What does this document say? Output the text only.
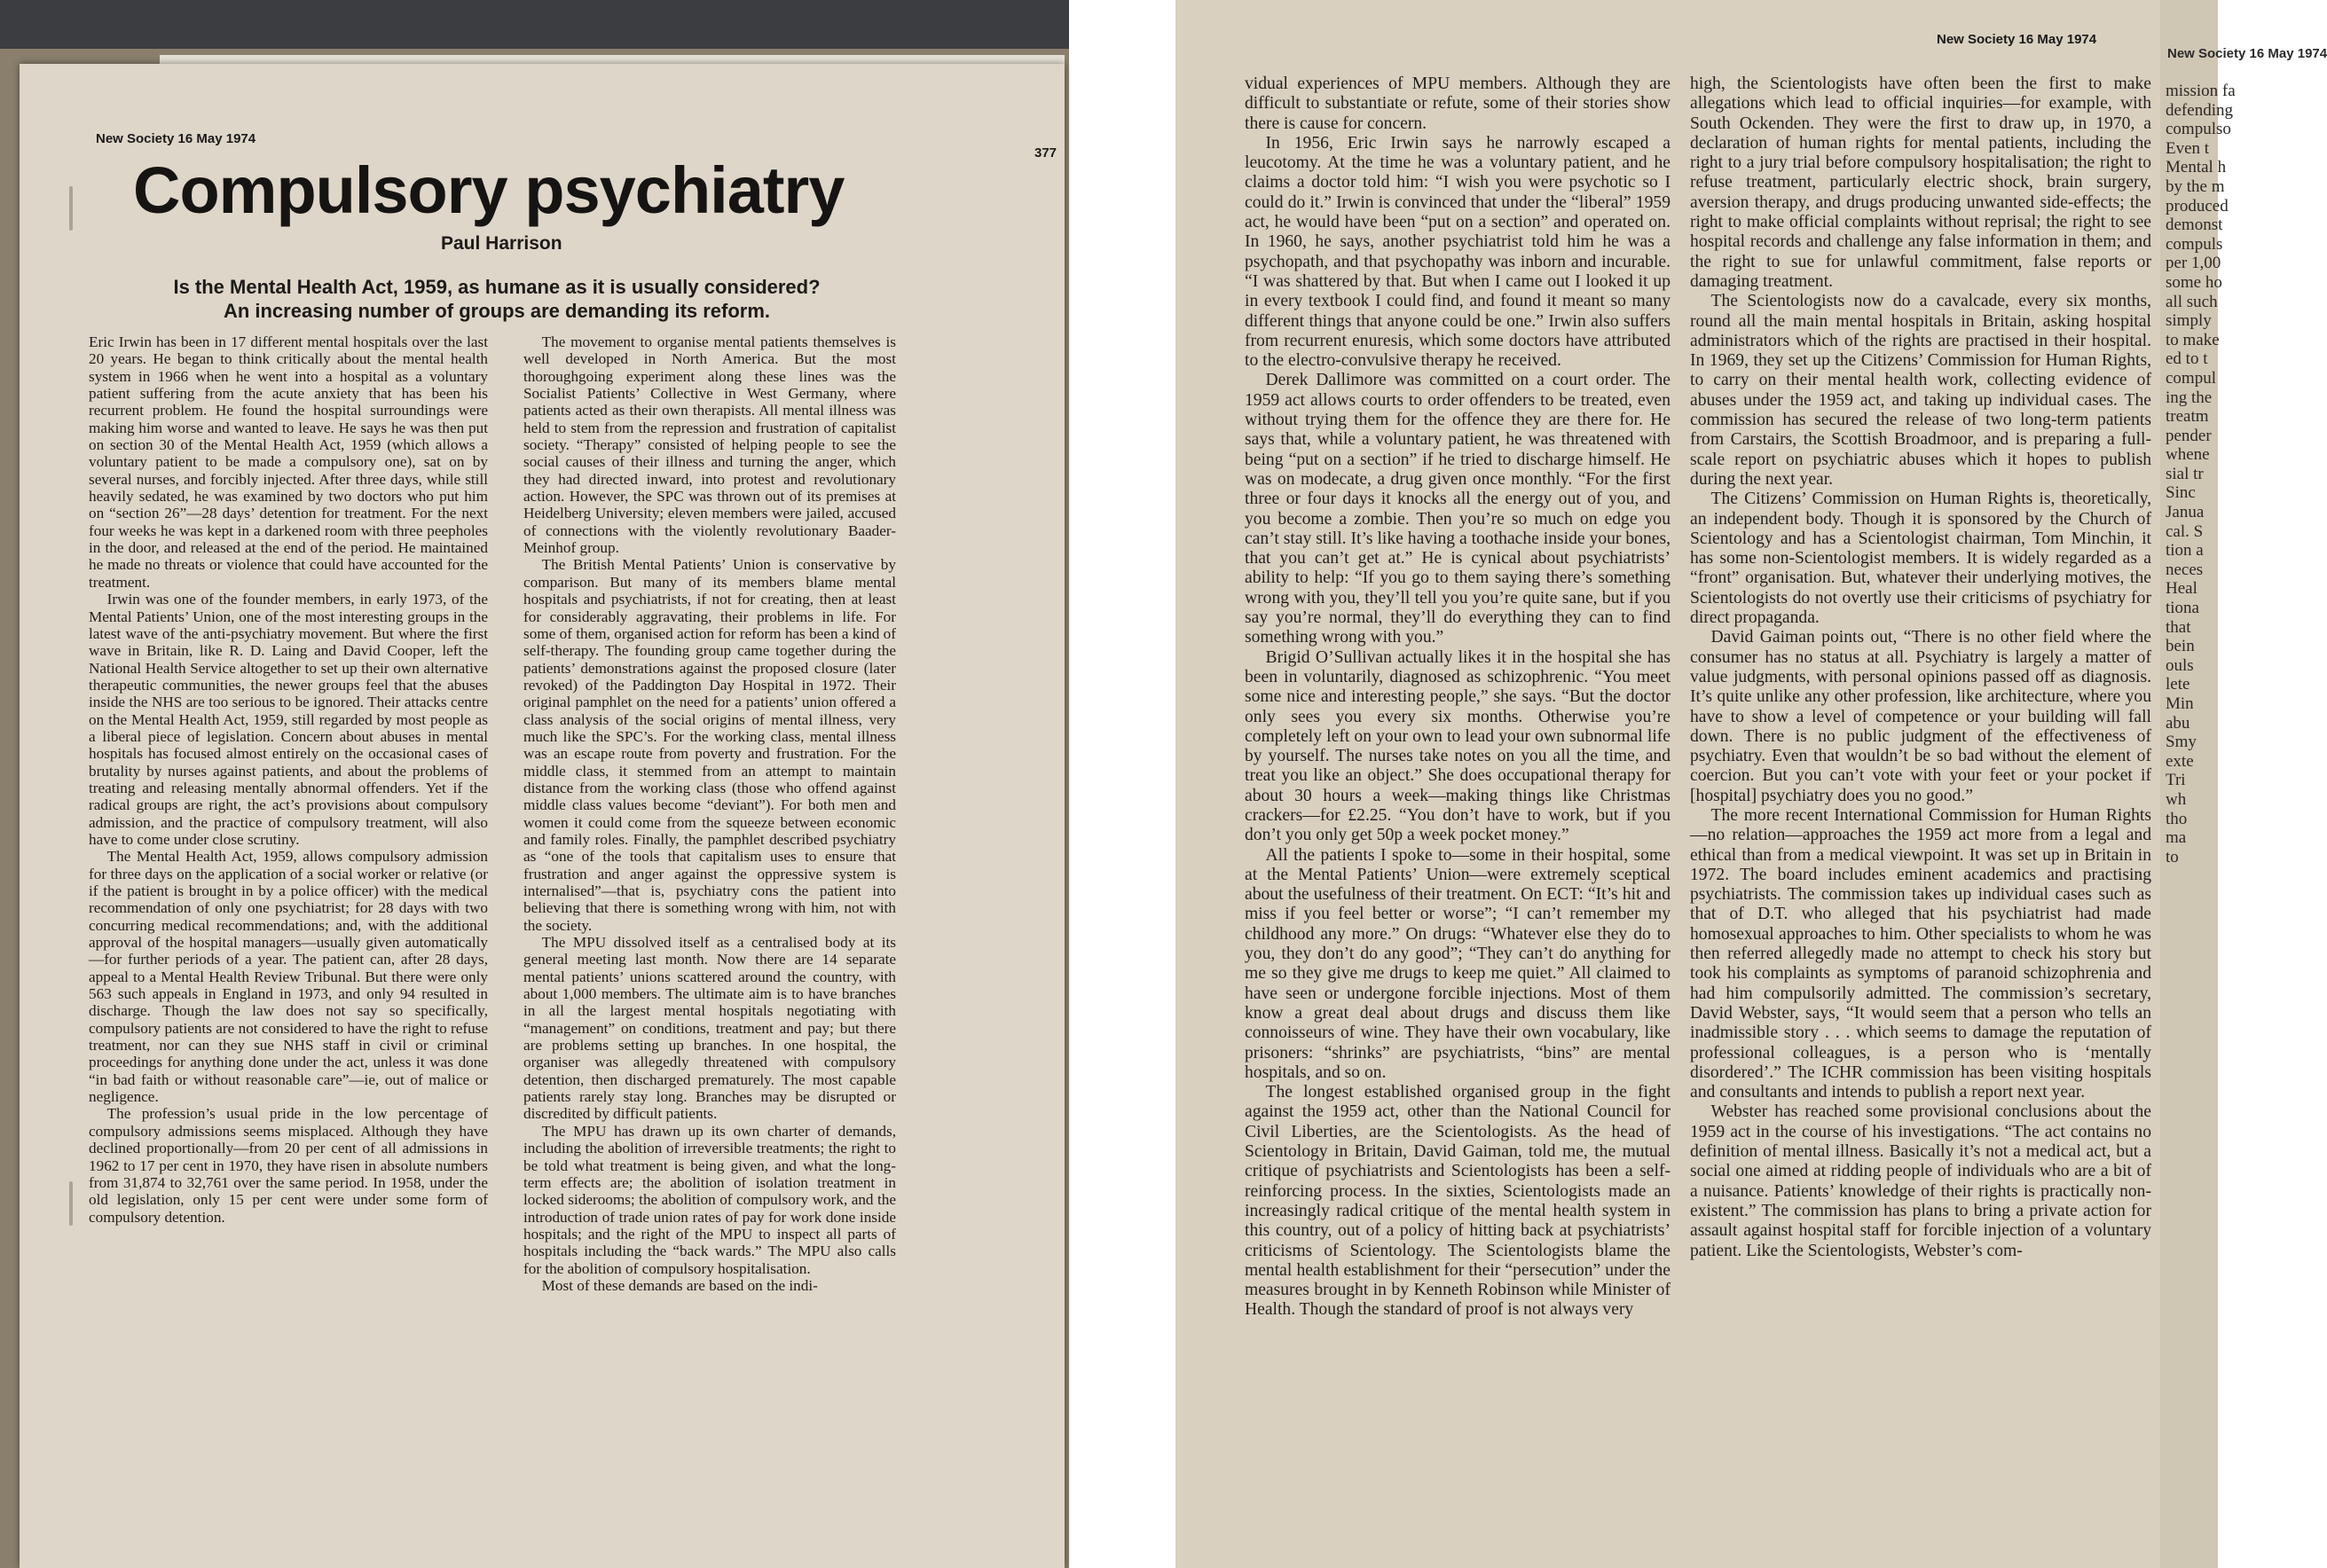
New Society 16 May 1974
377
Compulsory psychiatry
Paul Harrison
Is the Mental Health Act, 1959, as humane as it is usually considered?
An increasing number of groups are demanding its reform.

Eric Irwin has been in 17 different mental hospitals over the last 20 years. He began to think critically about the mental health system in 1966 when he went into a hospital as a voluntary patient suffering from the acute anxiety that has been his recurrent problem. He found the hospital surroundings were making him worse and wanted to leave. He says he was then put on section 30 of the Mental Health Act, 1959 (which allows a voluntary patient to be made a compulsory one), sat on by several nurses, and forcibly injected. After three days, while still heavily sedated, he was examined by two doctors who put him on “section 26”—28 days’ detention for treatment. For the next four weeks he was kept in a darkened room with three peepholes in the door, and released at the end of the period. He maintained he made no threats or violence that could have accounted for the treatment.

Irwin was one of the founder members, in early 1973, of the Mental Patients’ Union, one of the most interesting groups in the latest wave of the anti-psychiatry movement. But where the first wave in Britain, like R. D. Laing and David Cooper, left the National Health Service altogether to set up their own alternative therapeutic communities, the newer groups feel that the abuses inside the NHS are too serious to be ignored. Their attacks centre on the Mental Health Act, 1959, still regarded by most people as a liberal piece of legislation. Concern about abuses in mental hospitals has focused almost entirely on the occasional cases of brutality by nurses against patients, and about the problems of treating and releasing mentally abnormal offenders. Yet if the radical groups are right, the act’s provisions about compulsory admission, and the practice of compulsory treatment, will also have to come under close scrutiny.

The Mental Health Act, 1959, allows compulsory admission for three days on the application of a social worker or relative (or if the patient is brought in by a police officer) with the medical recommendation of only one psychiatrist; for 28 days with two concurring medical recommendations; and, with the additional approval of the hospital managers—usually given automatically—for further periods of a year. The patient can, after 28 days, appeal to a Mental Health Review Tribunal. But there were only 563 such appeals in England in 1973, and only 94 resulted in discharge. Though the law does not say so specifically, compulsory patients are not considered to have the right to refuse treatment, nor can they sue NHS staff in civil or criminal proceedings for anything done under the act, unless it was done “in bad faith or without reasonable care”—ie, out of malice or negligence.

The profession’s usual pride in the low percentage of compulsory admissions seems misplaced. Although they have declined proportionally—from 20 per cent of all admissions in 1962 to 17 per cent in 1970, they have risen in absolute numbers from 31,874 to 32,761 over the same period. In 1958, under the old legislation, only 15 per cent were under some form of compulsory detention.

The movement to organise mental patients themselves is well developed in North America. But the most thoroughgoing experiment along these lines was the Socialist Patients’ Collective in West Germany, where patients acted as their own therapists. All mental illness was held to stem from the repression and frustration of capitalist society. “Therapy” consisted of helping people to see the social causes of their illness and turning the anger, which they had directed inward, into protest and revolutionary action. However, the SPC was thrown out of its premises at Heidelberg University; eleven members were jailed, accused of connections with the violently revolutionary Baader-Meinhof group.

The British Mental Patients’ Union is conservative by comparison. But many of its members blame mental hospitals and psychiatrists, if not for creating, then at least for considerably aggravating, their problems in life. For some of them, organised action for reform has been a kind of self-therapy. The founding group came together during the patients’ demonstrations against the proposed closure (later revoked) of the Paddington Day Hospital in 1972. Their original pamphlet on the need for a patients’ union offered a class analysis of the social origins of mental illness, very much like the SPC’s. For the working class, mental illness was an escape route from poverty and frustration. For the middle class, it stemmed from an attempt to maintain distance from the working class (those who offend against middle class values become “deviant”). For both men and women it could come from the squeeze between economic and family roles. Finally, the pamphlet described psychiatry as “one of the tools that capitalism uses to ensure that frustration and anger against the oppressive system is internalised”—that is, psychiatry cons the patient into believing that there is something wrong with him, not with the society.

The MPU dissolved itself as a centralised body at its general meeting last month. Now there are 14 separate mental patients’ unions scattered around the country, with about 1,000 members. The ultimate aim is to have branches in all the largest mental hospitals negotiating with “management” on conditions, treatment and pay; but there are problems setting up branches. In one hospital, the organiser was allegedly threatened with compulsory detention, then discharged prematurely. The most capable patients rarely stay long. Branches may be disrupted or discredited by difficult patients.

The MPU has drawn up its own charter of demands, including the abolition of irreversible treatments; the right to be told what treatment is being given, and what the long-term effects are; the abolition of isolation treatment in locked siderooms; the abolition of compulsory work, and the introduction of trade union rates of pay for work done inside hospitals; and the right of the MPU to inspect all parts of hospitals including the “back wards.” The MPU also calls for the abolition of compulsory hospitalisation.

Most of these demands are based on the indi-

New Society 16 May 1974

vidual experiences of MPU members. Although they are difficult to substantiate or refute, some of their stories show there is cause for concern.

In 1956, Eric Irwin says he narrowly escaped a leucotomy. At the time he was a voluntary patient, and he claims a doctor told him: “I wish you were psychotic so I could do it.” Irwin is convinced that under the “liberal” 1959 act, he would have been “put on a section” and operated on. In 1960, he says, another psychiatrist told him he was a psychopath, and that psychopathy was inborn and incurable. “I was shattered by that. But when I came out I looked it up in every textbook I could find, and found it meant so many different things that anyone could be one.” Irwin also suffers from recurrent enuresis, which some doctors have attributed to the electro-convulsive therapy he received.

Derek Dallimore was committed on a court order. The 1959 act allows courts to order offenders to be treated, even without trying them for the offence they are there for. He says that, while a voluntary patient, he was threatened with being “put on a section” if he tried to discharge himself. He was on modecate, a drug given once monthly. “For the first three or four days it knocks all the energy out of you, and you become a zombie. Then you’re so much on edge you can’t stay still. It’s like having a toothache inside your bones, that you can’t get at.” He is cynical about psychiatrists’ ability to help: “If you go to them saying there’s something wrong with you, they’ll tell you you’re quite sane, but if you say you’re normal, they’ll do everything they can to find something wrong with you.”

Brigid O’Sullivan actually likes it in the hospital she has been in voluntarily, diagnosed as schizophrenic. “You meet some nice and interesting people,” she says. “But the doctor only sees you every six months. Otherwise you’re completely left on your own to lead your own subnormal life by yourself. The nurses take notes on you all the time, and treat you like an object.” She does occupational therapy for about 30 hours a week—making things like Christmas crackers—for £2.25. “You don’t have to work, but if you don’t you only get 50p a week pocket money.”

All the patients I spoke to—some in their hospital, some at the Mental Patients’ Union—were extremely sceptical about the usefulness of their treatment. On ECT: “It’s hit and miss if you feel better or worse”; “I can’t remember my childhood any more.” On drugs: “Whatever else they do to you, they don’t do any good”; “They can’t do anything for me so they give me drugs to keep me quiet.” All claimed to have seen or undergone forcible injections. Most of them know a great deal about drugs and discuss them like connoisseurs of wine. They have their own vocabulary, like prisoners: “shrinks” are psychiatrists, “bins” are mental hospitals, and so on.

The longest established organised group in the fight against the 1959 act, other than the National Council for Civil Liberties, are the Scientologists. As the head of Scientology in Britain, David Gaiman, told me, the mutual critique of psychiatrists and Scientologists has been a self-reinforcing process. In the sixties, Scientologists made an increasingly radical critique of the mental health system in this country, out of a policy of hitting back at psychiatrists’ criticisms of Scientology. The Scientologists blame the mental health establishment for their “persecution” under the measures brought in by Kenneth Robinson while Minister of Health. Though the standard of proof is not always very

high, the Scientologists have often been the first to make allegations which lead to official inquiries—for example, with South Ockenden. They were the first to draw up, in 1970, a declaration of human rights for mental patients, including the right to a jury trial before compulsory hospitalisation; the right to refuse treatment, particularly electric shock, brain surgery, aversion therapy, and drugs producing unwanted side-effects; the right to make official complaints without reprisal; the right to see hospital records and challenge any false information in them; and the right to sue for unlawful commitment, false reports or damaging treatment.

The Scientologists now do a cavalcade, every six months, round all the main mental hospitals in Britain, asking hospital administrators which of the rights are practised in their hospital. In 1969, they set up the Citizens’ Commission for Human Rights, to carry on their mental health work, collecting evidence of abuses under the 1959 act, and taking up individual cases. The commission has secured the release of two long-term patients from Carstairs, the Scottish Broadmoor, and is preparing a full-scale report on psychiatric abuses which it hopes to publish during the next year.

The Citizens’ Commission on Human Rights is, theoretically, an independent body. Though it is sponsored by the Church of Scientology and has a Scientologist chairman, Tom Minchin, it has some non-Scientologist members. It is widely regarded as a “front” organisation. But, whatever their underlying motives, the Scientologists do not overtly use their criticisms of psychiatry for direct propaganda.

David Gaiman points out, “There is no other field where the consumer has no status at all. Psychiatry is largely a matter of value judgments, with personal opinions passed off as diagnosis. It’s quite unlike any other profession, like architecture, where you have to show a level of competence or your building will fall down. There is no public judgment of the effectiveness of psychiatry. Even that wouldn’t be so bad without the element of coercion. But you can’t vote with your feet or your pocket if [hospital] psychiatry does you no good.”

The more recent International Commission for Human Rights—no relation—approaches the 1959 act more from a legal and ethical than from a medical viewpoint. It was set up in Britain in 1972. The board includes eminent academics and practising psychiatrists. The commission takes up individual cases such as that of D.T. who alleged that his psychiatrist had made homosexual approaches to him. Other specialists to whom he was then referred allegedly made no attempt to check his story but took his complaints as symptoms of paranoid schizophrenia and had him compulsorily admitted. The commission’s secretary, David Webster, says, “It would seem that a person who tells an inadmissible story . . . which seems to damage the reputation of professional colleagues, is a person who is ‘mentally disordered’.” The ICHR commission has been visiting hospitals and consultants and intends to publish a report next year.

Webster has reached some provisional conclusions about the 1959 act in the course of his investigations. “The act contains no definition of mental illness. Basically it’s not a medical act, but a social one aimed at ridding people of individuals who are a bit of a nuisance. Patients’ knowledge of their rights is practically non-existent.” The commission has plans to bring a private action for assault against hospital staff for forcible injection of a voluntary patient. Like the Scientologists, Webster’s com-

New Society 16 May 1974
mission fa
defending
compulso
Even t
Mental h
by the m
produced
demonst
compuls
per 1,00
some ho
all such
simply
to make
ed to t
compul
ing the
treatm
pender
whene
sial tr
Sinc
Janua
cal. S
tion a
neces
Heal
tiona
that
bein
ouls
lete
Min
abu
Smy
exte
Tri
wh
tho
ma
to
